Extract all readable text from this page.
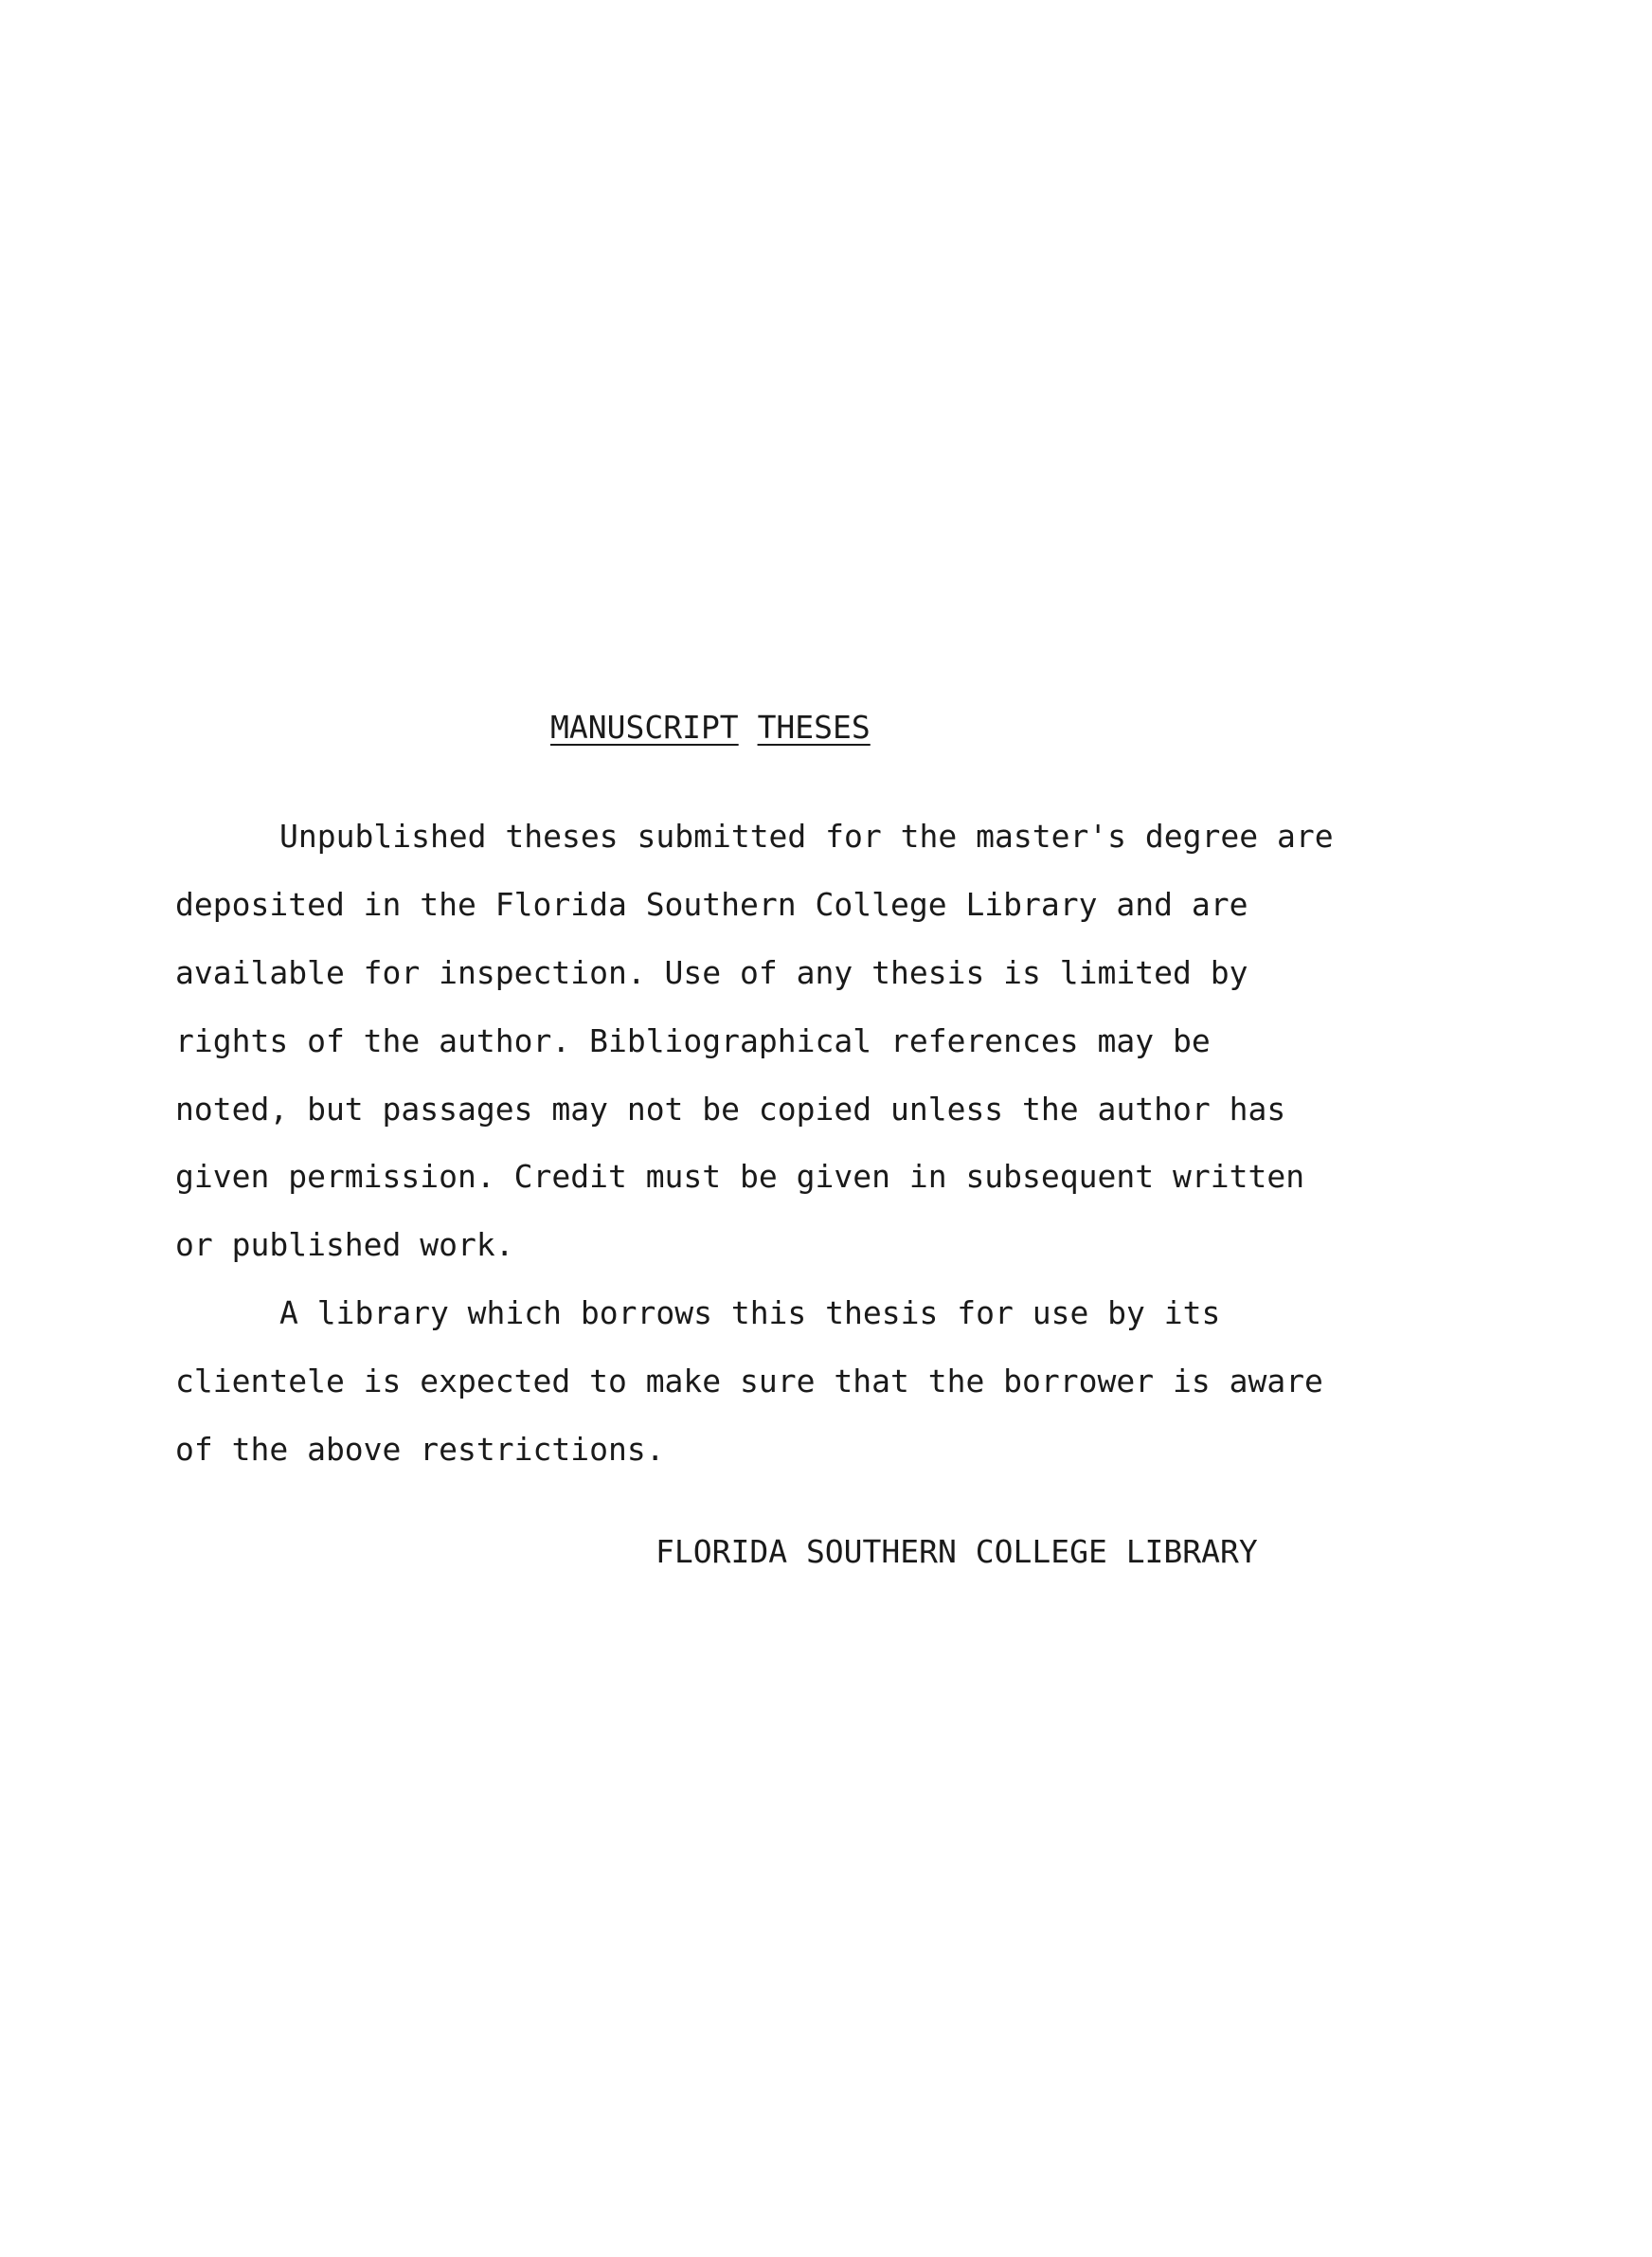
MANUSCRIPT THESES
Unpublished theses submitted for the master's degree are
deposited in the Florida Southern College Library and are
available for inspection. Use of any thesis is limited by
rights of the author. Bibliographical references may be
noted, but passages may not be copied unless the author has
given permission. Credit must be given in subsequent written
or published work.
A library which borrows this thesis for use by its
clientele is expected to make sure that the borrower is aware
of the above restrictions.
FLORIDA SOUTHERN COLLEGE LIBRARY
